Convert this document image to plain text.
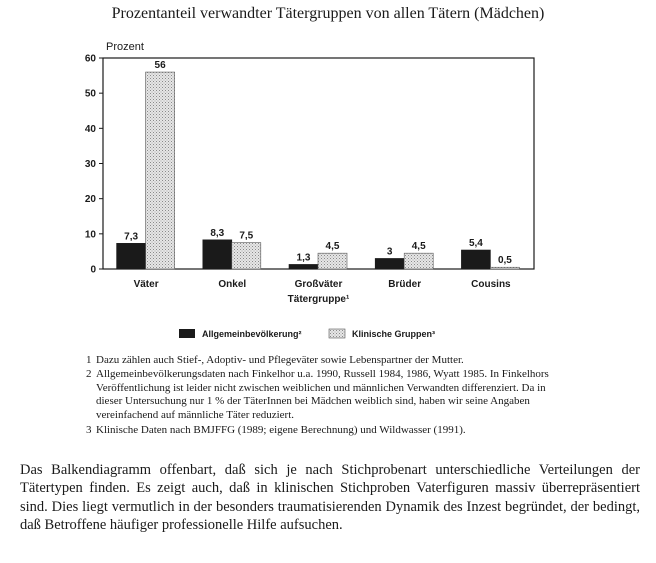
Prozentanteil verwandter Tätergruppen von allen Tätern (Mädchen)
0
10
20
30
40
50
60
Prozent
Tätergruppe¹
Väter
7,3
56
Onkel
8,3 7,5
Großväter
1,3
4,5
Brüder
3 4,5
Cousins
5,4
0,5
Allgemeinbevölkerung²	Klinische Gruppen³
1 Dazu zählen auch Stief-, Adoptiv- und Pflegeväter sowie Lebenspartner der Mutter.
2 Allgemeinbevölkerungsdaten nach Finkelhor u.a. 1990, Russell 1984, 1986, Wyatt 1985. In Finkelhors Veröffentlichung ist leider nicht zwischen weiblichen und männlichen Verwandten differenziert. Da in dieser Untersuchung nur 1 % der TäterInnen bei Mädchen weiblich sind, haben wir seine Angaben vereinfachend auf männliche Täter reduziert.
3 Klinische Daten nach BMJFFG (1989; eigene Berechnung) und Wildwasser (1991).

Das Balkendiagramm offenbart, daß sich je nach Stichprobenart unterschiedliche Verteilungen der Tätertypen finden. Es zeigt auch, daß in klinischen Stichproben Vaterfiguren massiv überrepräsentiert sind. Dies liegt vermutlich in der besonders traumatisierenden Dynamik des Inzest begründet, der bedingt, daß Betroffene häufiger professionelle Hilfe aufsuchen.
